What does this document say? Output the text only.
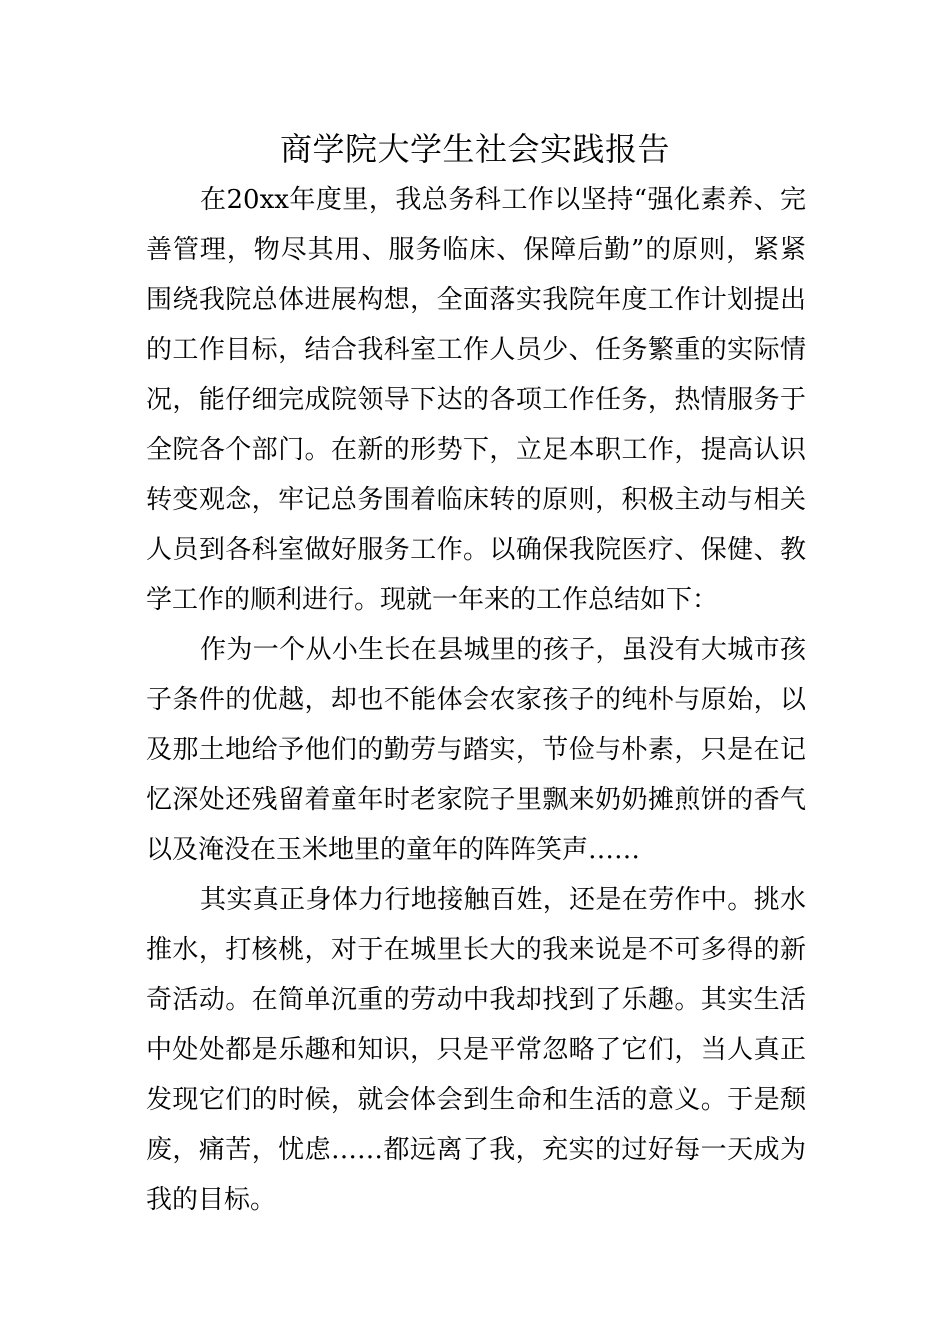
商学院大学生社会实践报告

在20xx年度里，我总务科工作以坚持“强化素养、完善管理，物尽其用、服务临床、保障后勤”的原则，紧紧围绕我院总体进展构想，全面落实我院年度工作计划提出的工作目标，结合我科室工作人员少、任务繁重的实际情况，能仔细完成院领导下达的各项工作任务，热情服务于全院各个部门。在新的形势下，立足本职工作，提高认识转变观念，牢记总务围着临床转的原则，积极主动与相关人员到各科室做好服务工作。以确保我院医疗、保健、教学工作的顺利进行。现就一年来的工作总结如下：

作为一个从小生长在县城里的孩子，虽没有大城市孩子条件的优越，却也不能体会农家孩子的纯朴与原始，以及那土地给予他们的勤劳与踏实，节俭与朴素，只是在记忆深处还残留着童年时老家院子里飘来奶奶摊煎饼的香气以及淹没在玉米地里的童年的阵阵笑声……

其实真正身体力行地接触百姓，还是在劳作中。挑水推水，打核桃，对于在城里长大的我来说是不可多得的新奇活动。在简单沉重的劳动中我却找到了乐趣。其实生活中处处都是乐趣和知识，只是平常忽略了它们，当人真正发现它们的时候，就会体会到生命和生活的意义。于是颓废，痛苦，忧虑……都远离了我，充实的过好每一天成为我的目标。
